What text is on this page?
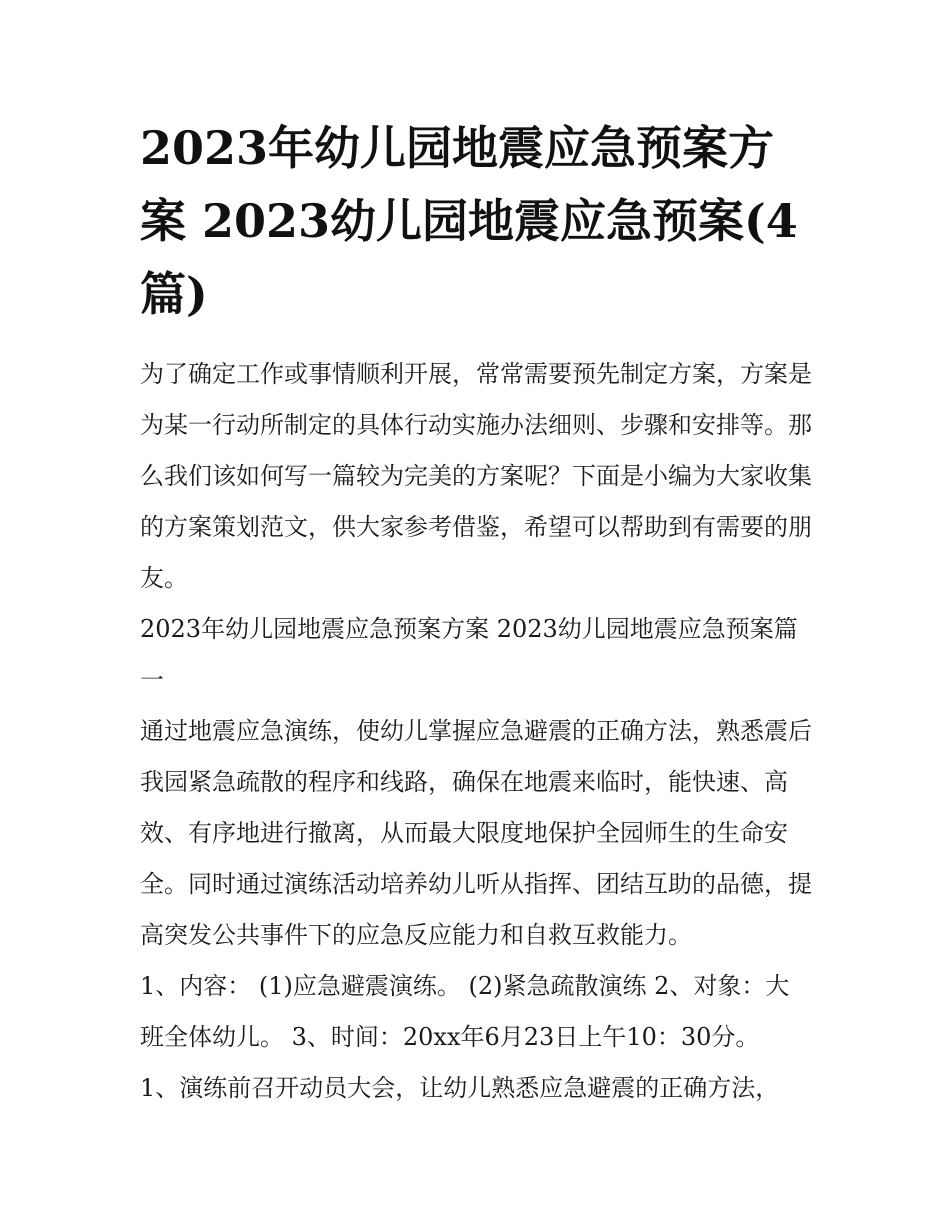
2023年幼儿园地震应急预案方案 2023幼儿园地震应急预案(4篇)

为了确定工作或事情顺利开展，常常需要预先制定方案，方案是为某一行动所制定的具体行动实施办法细则、步骤和安排等。那么我们该如何写一篇较为完美的方案呢？下面是小编为大家收集的方案策划范文，供大家参考借鉴，希望可以帮助到有需要的朋友。

2023年幼儿园地震应急预案方案 2023幼儿园地震应急预案篇一

通过地震应急演练，使幼儿掌握应急避震的正确方法，熟悉震后我园紧急疏散的程序和线路，确保在地震来临时，能快速、高效、有序地进行撤离，从而最大限度地保护全园师生的生命安全。同时通过演练活动培养幼儿听从指挥、团结互助的品德，提高突发公共事件下的应急反应能力和自救互救能力。

1、内容： (1)应急避震演练。 (2)紧急疏散演练 2、对象：大班全体幼儿。 3、时间：20xx年6月23日上午10：30分。

1、演练前召开动员大会，让幼儿熟悉应急避震的正确方法，
